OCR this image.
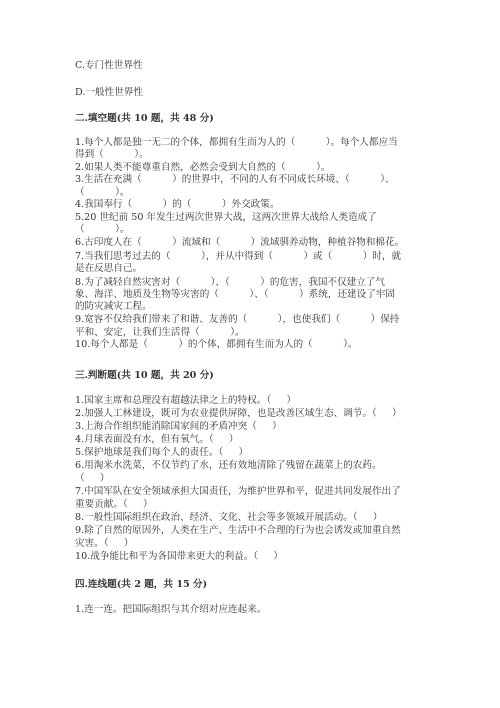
C.专门性世界性
D.一般性世界性
二.填空题(共 10 题，共 48 分)
1.每个人都是独一无二的个体，都拥有生而为人的（          ）。每个人都应当
得到（          ）。
2.如果人类不能尊重自然，必然会受到大自然的（          ）。
（          ）。
3.生活在充满（          ）的世界中，不同的人有不同成长环境、（          ）、
4.我国奉行（          ）的（          ）外交政策。
5.20 世纪前 50 年发生过两次世界大战，这两次世界大战给人类造成了
（          ）。
6.古印度人在（          ）流域和（          ）流域驯养动物，种植谷物和棉花。
7.当我们思考过去的（          ），并从中得到（          ）或（          ）时，就
是在反思自己。
8.为了减轻自然灾害对（          ）、（          ）的危害，我国不仅建立了气
象、海洋、地质及生物等灾害的（          ）、（          ）系统，还建设了牢固
的防灾减灾工程。
9.宽容不仅给我们带来了和谐、友善的（          ），也使我们（          ）保持
平和、安定，让我们生活得（          ）。
10.每个人都是（          ）的个体，都拥有生而为人的（          ）。
三.判断题(共 10 题，共 20 分)
1.国家主席和总理没有超越法律之上的特权。（     ）
2.加强人工林建设，既可为农业提供屏障，也是改善区域生态、调节。（     ）
3.上海合作组织能消除国家间的矛盾冲突（     ）
4.月球表面没有水，但有氧气。（     ）
5.保护地球是我们每个人的责任。（     ）
6.用淘米水洗菜，不仅节约了水，还有效地清除了残留在蔬菜上的农药。
（     ）
7.中国军队在安全领域承担大国责任，为维护世界和平，促进共同发展作出了
重要贡献。（     ）
8.一般性国际组织在政治、经济、文化、社会等多领域开展活动。（     ）
9.除了自然的原因外，人类在生产、生活中不合理的行为也会诱发或加重自然
灾害。（     ）
10.战争能比和平为各国带来更大的利益。（     ）
四.连线题(共 2 题，共 15 分)
1.连一连。把国际组织与其介绍对应连起来。
